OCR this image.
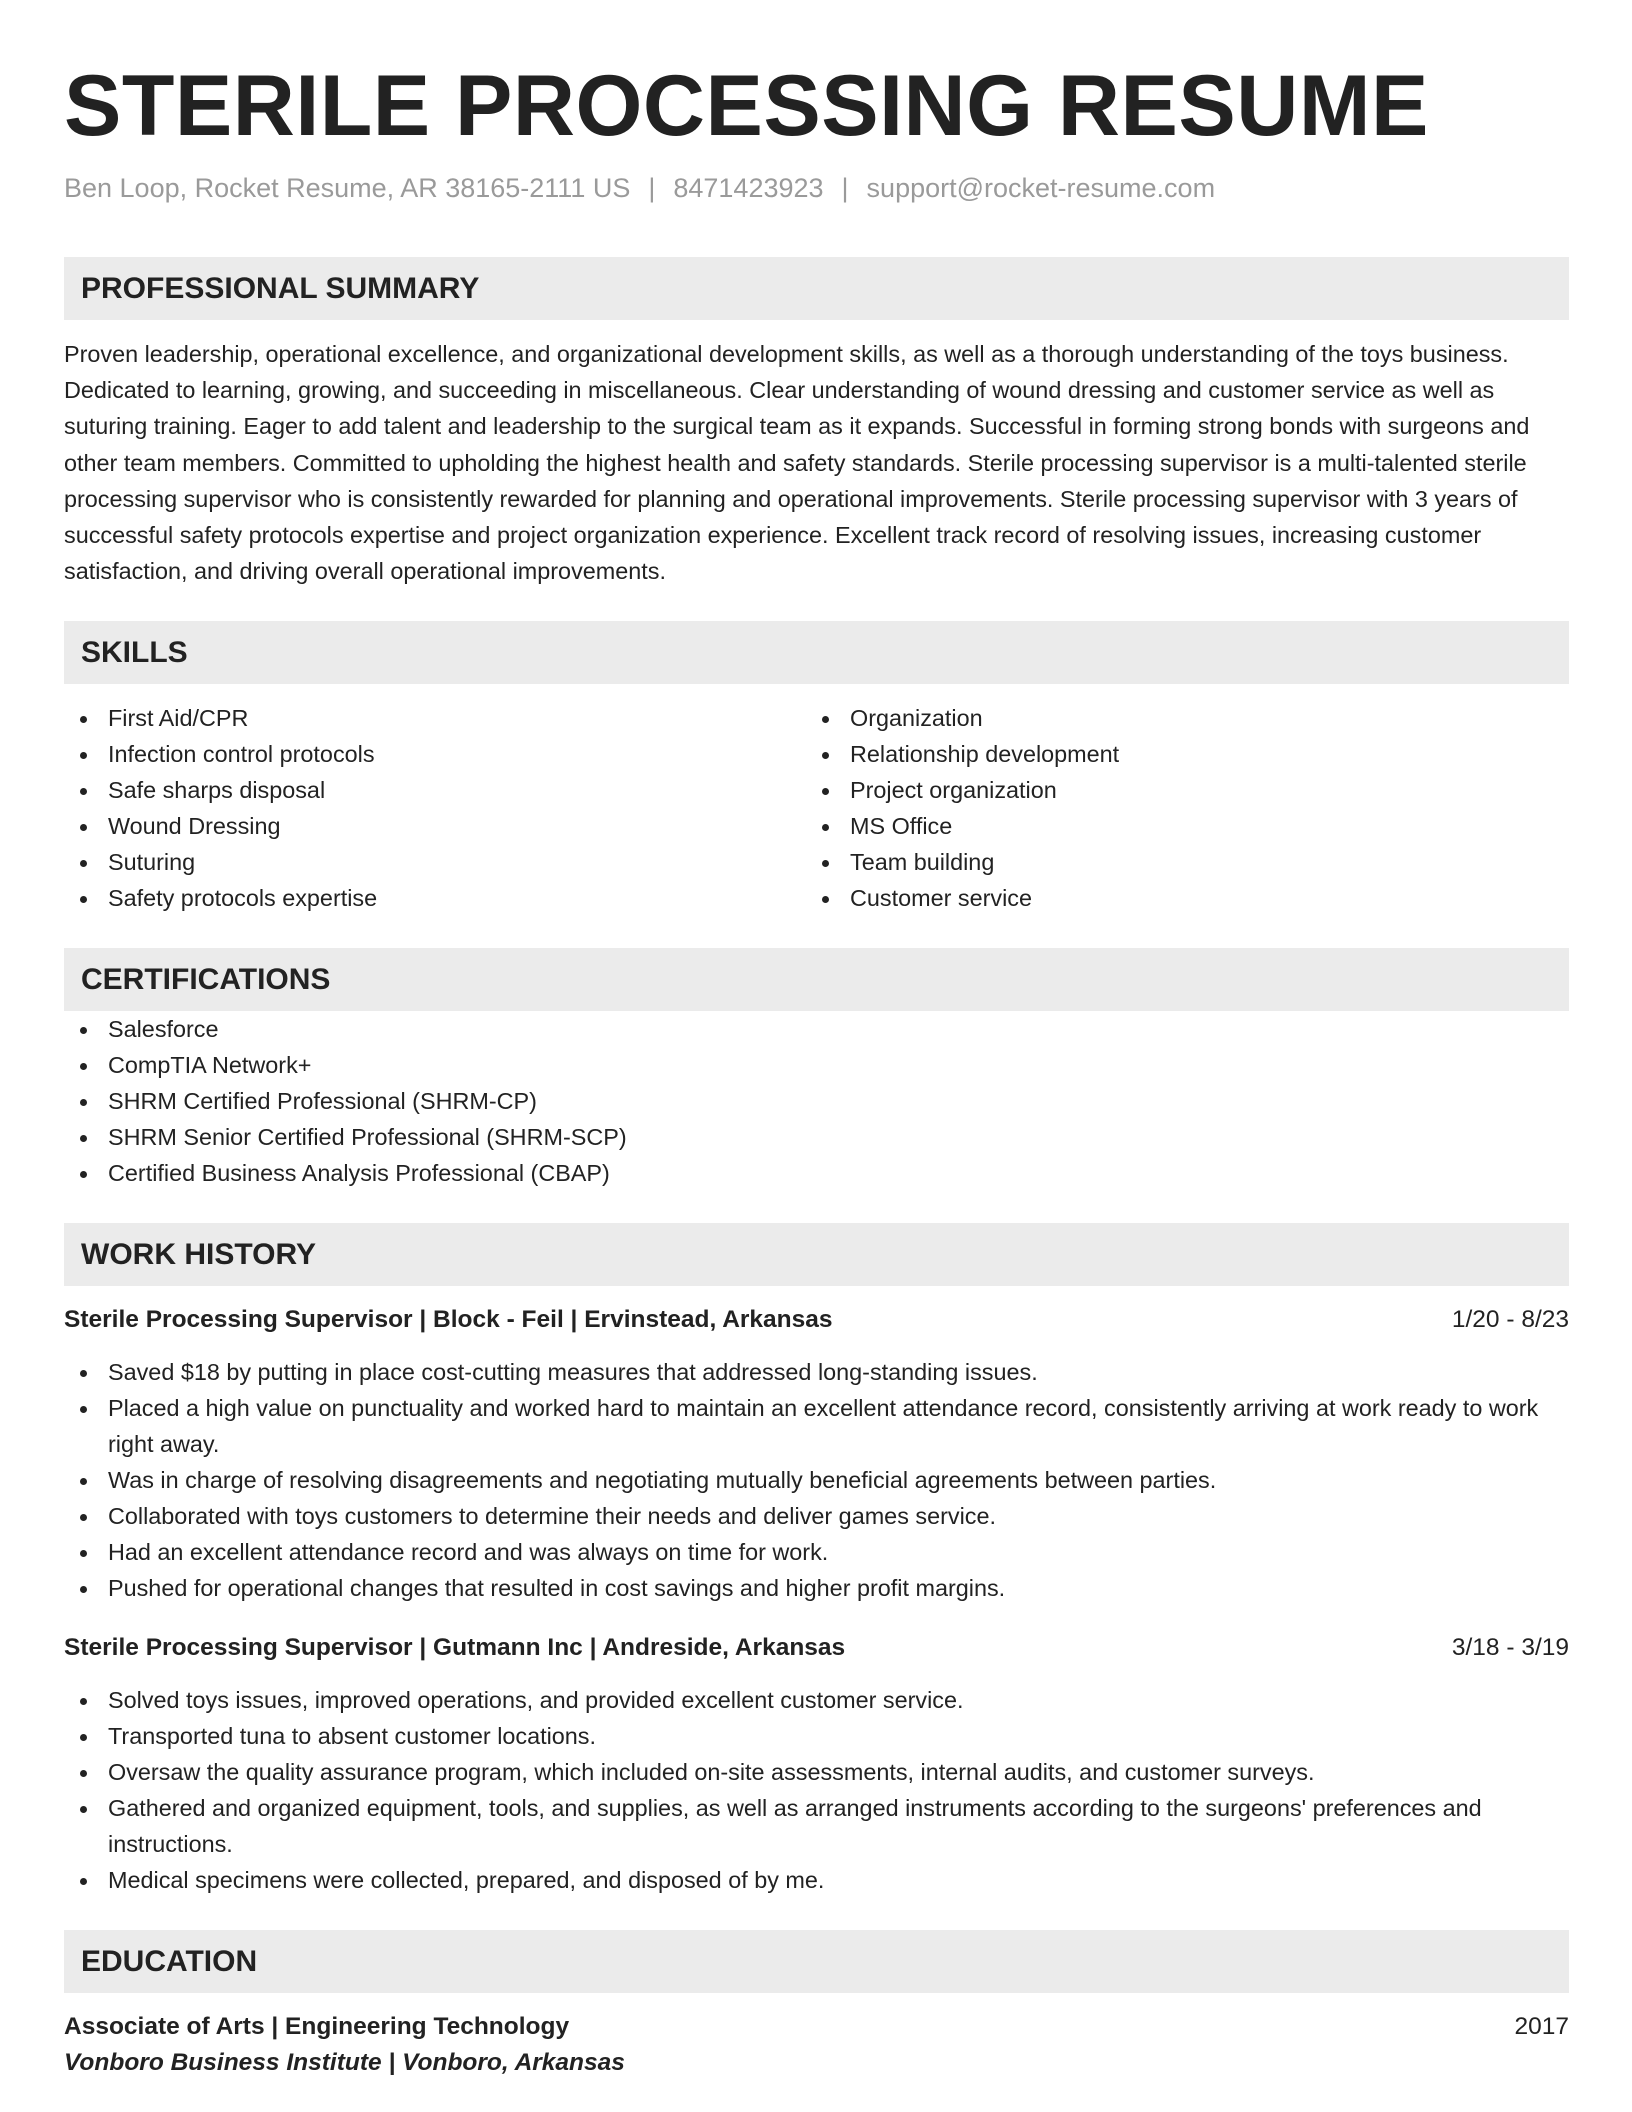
STERILE PROCESSING RESUME
Ben Loop, Rocket Resume, AR 38165-2111 US | 8471423923 | support@rocket-resume.com
PROFESSIONAL SUMMARY
Proven leadership, operational excellence, and organizational development skills, as well as a thorough understanding of the toys business. Dedicated to learning, growing, and succeeding in miscellaneous. Clear understanding of wound dressing and customer service as well as suturing training. Eager to add talent and leadership to the surgical team as it expands. Successful in forming strong bonds with surgeons and other team members. Committed to upholding the highest health and safety standards. Sterile processing supervisor is a multi-talented sterile processing supervisor who is consistently rewarded for planning and operational improvements. Sterile processing supervisor with 3 years of successful safety protocols expertise and project organization experience. Excellent track record of resolving issues, increasing customer satisfaction, and driving overall operational improvements.
SKILLS
First Aid/CPR
Infection control protocols
Safe sharps disposal
Wound Dressing
Suturing
Safety protocols expertise
Organization
Relationship development
Project organization
MS Office
Team building
Customer service
CERTIFICATIONS
Salesforce
CompTIA Network+
SHRM Certified Professional (SHRM-CP)
SHRM Senior Certified Professional (SHRM-SCP)
Certified Business Analysis Professional (CBAP)
WORK HISTORY
Sterile Processing Supervisor | Block - Feil | Ervinstead, Arkansas	1/20 - 8/23
Saved $18 by putting in place cost-cutting measures that addressed long-standing issues.
Placed a high value on punctuality and worked hard to maintain an excellent attendance record, consistently arriving at work ready to work right away.
Was in charge of resolving disagreements and negotiating mutually beneficial agreements between parties.
Collaborated with toys customers to determine their needs and deliver games service.
Had an excellent attendance record and was always on time for work.
Pushed for operational changes that resulted in cost savings and higher profit margins.
Sterile Processing Supervisor | Gutmann Inc | Andreside, Arkansas	3/18 - 3/19
Solved toys issues, improved operations, and provided excellent customer service.
Transported tuna to absent customer locations.
Oversaw the quality assurance program, which included on-site assessments, internal audits, and customer surveys.
Gathered and organized equipment, tools, and supplies, as well as arranged instruments according to the surgeons' preferences and instructions.
Medical specimens were collected, prepared, and disposed of by me.
EDUCATION
Associate of Arts | Engineering Technology	2017
Vonboro Business Institute | Vonboro, Arkansas
